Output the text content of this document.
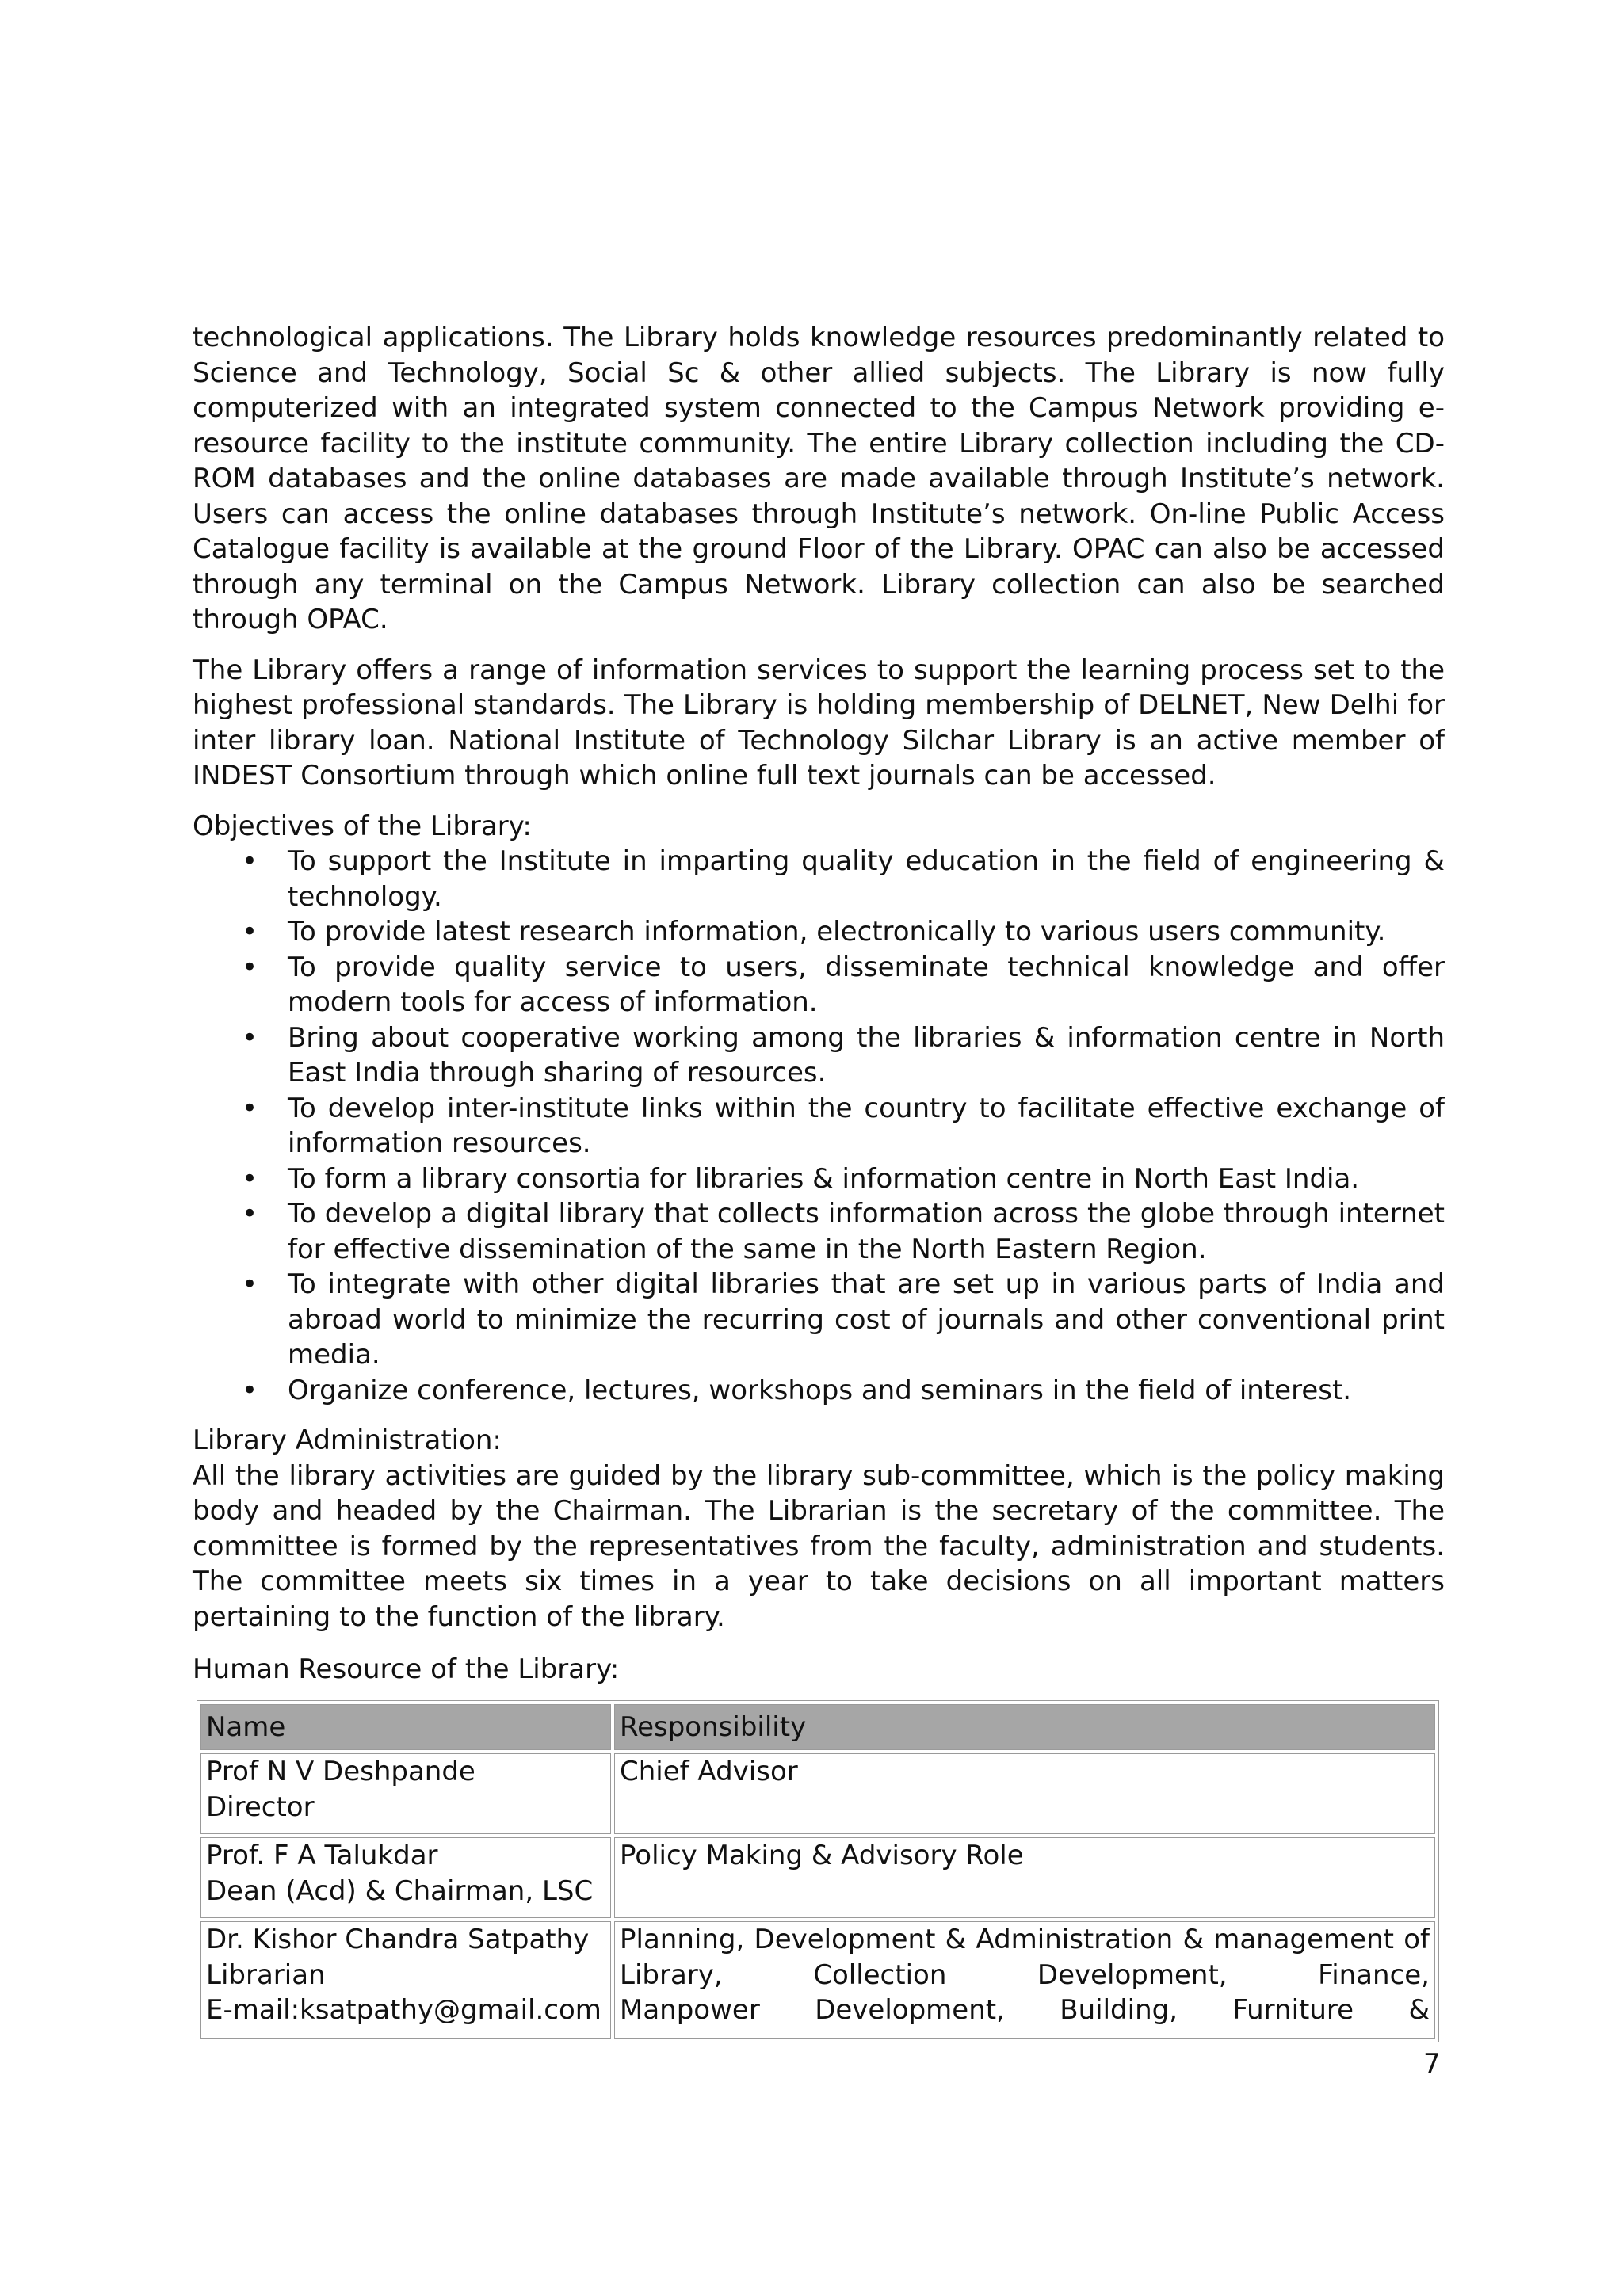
technological applications. The Library holds knowledge resources predominantly related to Science and Technology, Social Sc & other allied subjects. The Library is now fully computerized with an integrated system connected to the Campus Network providing e-resource facility to the institute community. The entire Library collection including the CD-ROM databases and the online databases are made available through Institute’s network. Users can access the online databases through Institute’s network. On-line Public Access Catalogue facility is available at the ground Floor of the Library. OPAC can also be accessed through any terminal on the Campus Network. Library collection can also be searched through OPAC.

The Library offers a range of information services to support the learning process set to the highest professional standards. The Library is holding membership of DELNET, New Delhi for inter library loan. National Institute of Technology Silchar Library is an active member of INDEST Consortium through which online full text journals can be accessed.

Objectives of the Library:
• To support the Institute in imparting quality education in the field of engineering & technology.
• To provide latest research information, electronically to various users community.
• To provide quality service to users, disseminate technical knowledge and offer modern tools for access of information.
• Bring about cooperative working among the libraries & information centre in North East India through sharing of resources.
• To develop inter-institute links within the country to facilitate effective exchange of information resources.
• To form a library consortia for libraries & information centre in North East India.
• To develop a digital library that collects information across the globe through internet for effective dissemination of the same in the North Eastern Region.
• To integrate with other digital libraries that are set up in various parts of India and abroad world to minimize the recurring cost of journals and other conventional print media.
• Organize conference, lectures, workshops and seminars in the field of interest.
Library Administration:

All the library activities are guided by the library sub-committee, which is the policy making body and headed by the Chairman. The Librarian is the secretary of the committee. The committee is formed by the representatives from the faculty, administration and students. The committee meets six times in a year to take decisions on all important matters pertaining to the function of the library.

Human Resource of the Library:
Name	Responsibility

Prof N V Deshpande
Director	Chief Advisor

Prof. F A Talukdar
Dean (Acd) & Chairman, LSC	Policy Making & Advisory Role

Dr. Kishor Chandra Satpathy
Librarian
E-mail:ksatpathy@gmail.com	Planning, Development & Administration & management of
Library, Collection Development, Finance,
Manpower Development, Building, Furniture &
7
